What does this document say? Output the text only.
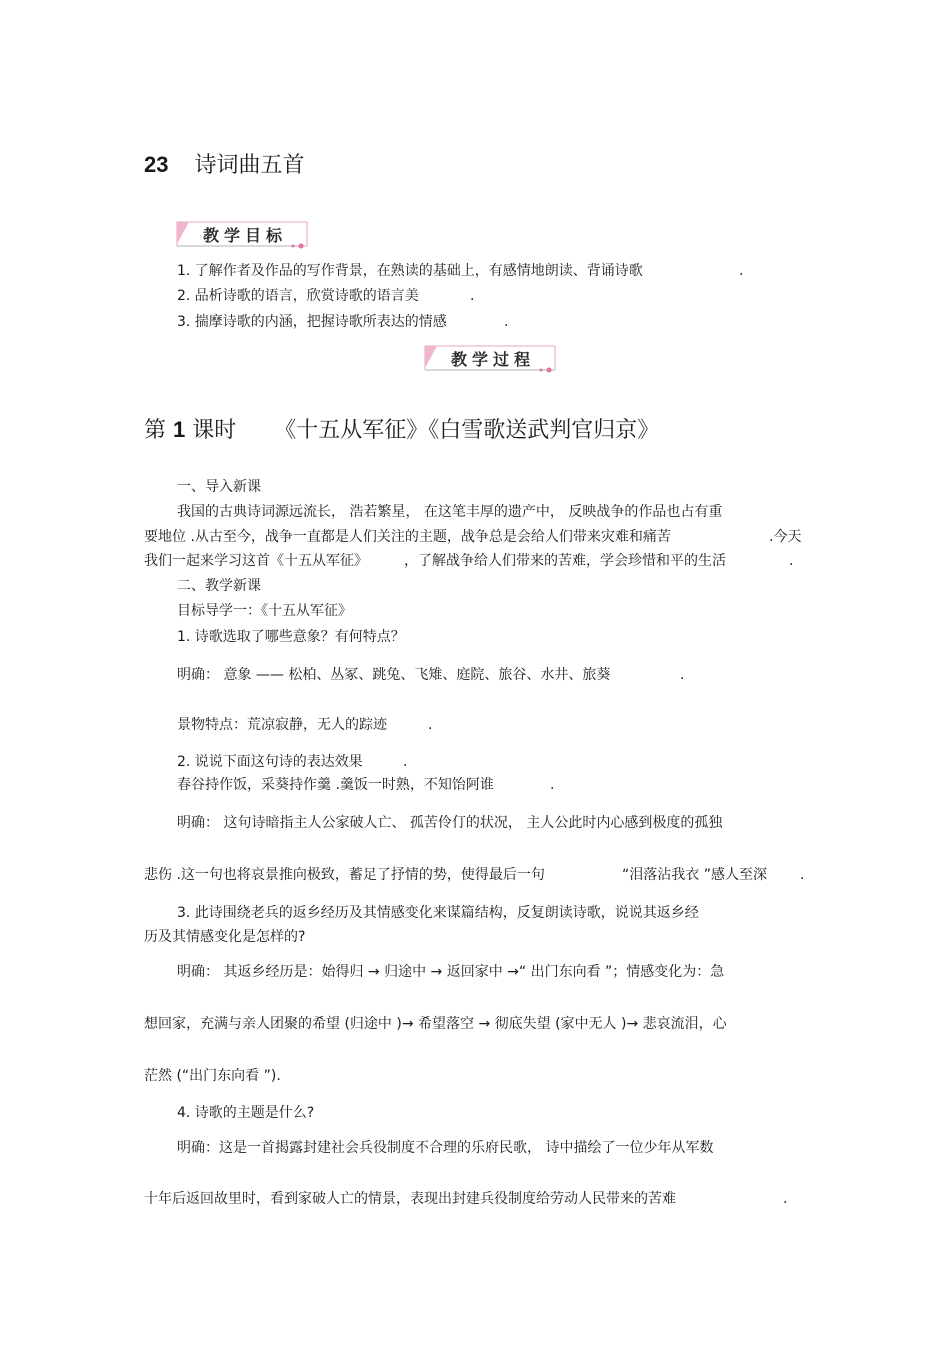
23 诗词曲五首
教学目标
1. 了解作者及作品的写作背景，在熟读的基础上，有感情地朗读、背诵诗歌	.
2. 品析诗歌的语言，欣赏诗歌的语言美	.
3. 揣摩诗歌的内涵，把握诗歌所表达的情感	.
教学过程
第 1 课时 《十五从军征》《白雪歌送武判官归京》
一、导入新课
我国的古典诗词源远流长， 浩若繁星， 在这笔丰厚的遗产中， 反映战争的作品也占有重
要地位 .从古至今，战争一直都是人们关注的主题，战争总是会给人们带来灾难和痛苦	.今天
我们一起来学习这首《十五从军征》	，了解战争给人们带来的苦难，学会珍惜和平的生活	.
二、教学新课
目标导学一：《十五从军征》
1. 诗歌选取了哪些意象？有何特点？
明确： 意象 —— 松柏、丛冢、跳兔、飞雉、庭院、旅谷、水井、旅葵	.
景物特点：荒凉寂静，无人的踪迹	.
2. 说说下面这句诗的表达效果	.
春谷持作饭，采葵持作羹 .羹饭一时熟，不知饴阿谁	.
明确： 这句诗暗指主人公家破人亡、 孤苦伶仃的状况， 主人公此时内心感到极度的孤独
悲伤 .这一句也将哀景推向极致，蓄足了抒情的势，使得最后一句	“泪落沾我衣 ”感人至深 .
3. 此诗围绕老兵的返乡经历及其情感变化来谋篇结构，反复朗读诗歌，说说其返乡经
历及其情感变化是怎样的?
明确： 其返乡经历是：始得归 → 归途中 → 返回家中 →“ 出门东向看 ”；情感变化为：急
想回家，充满与亲人团聚的希望 (归途中 )→ 希望落空 → 彻底失望 (家中无人 )→ 悲哀流泪，心
茫然 (“出门东向看 ”).
4. 诗歌的主题是什么?
明确：这是一首揭露封建社会兵役制度不合理的乐府民歌， 诗中描绘了一位少年从军数
十年后返回故里时，看到家破人亡的情景，表现出封建兵役制度给劳动人民带来的苦难	.
